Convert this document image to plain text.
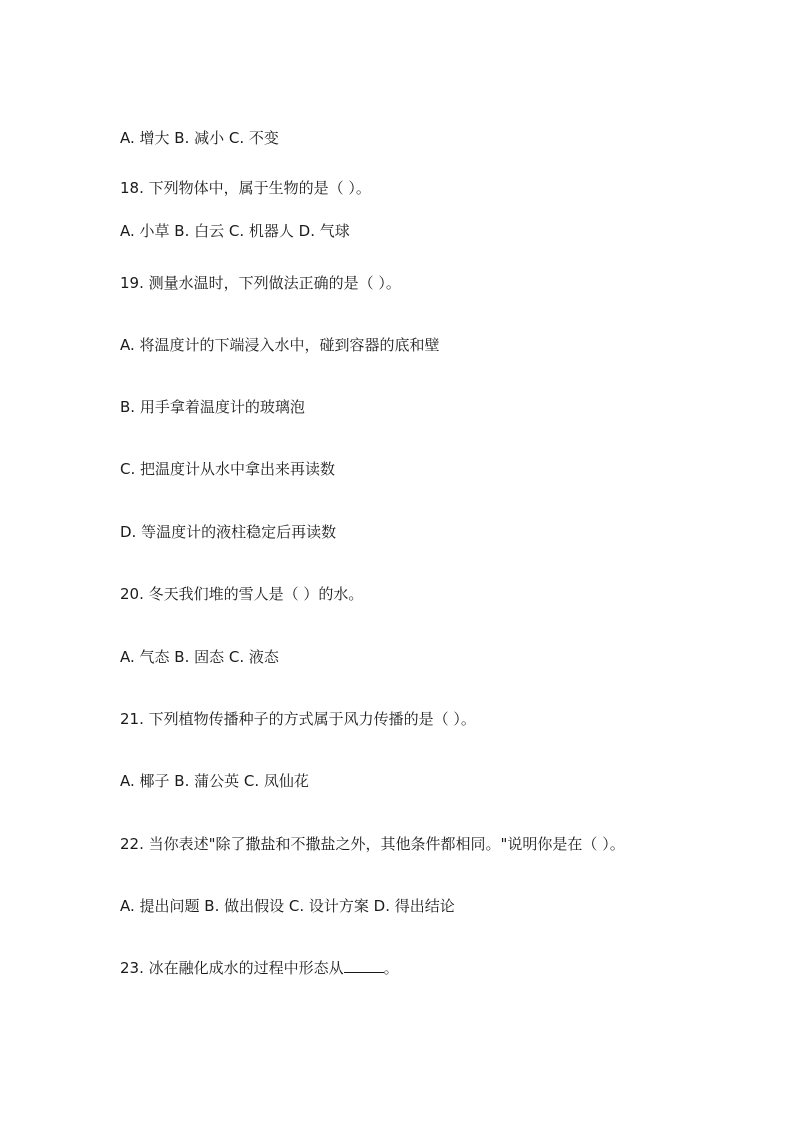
A. 增大 B. 减小 C. 不变
18. 下列物体中，属于生物的是（ ）。
A. 小草 B. 白云 C. 机器人 D. 气球
19. 测量水温时，下列做法正确的是（ ）。
A. 将温度计的下端浸入水中，碰到容器的底和壁
B. 用手拿着温度计的玻璃泡
C. 把温度计从水中拿出来再读数
D. 等温度计的液柱稳定后再读数
20. 冬天我们堆的雪人是（ ）的水。
A. 气态 B. 固态 C. 液态
21. 下列植物传播种子的方式属于风力传播的是（ ）。
A. 椰子 B. 蒲公英 C. 凤仙花
22. 当你表述"除了撒盐和不撒盐之外，其他条件都相同。"说明你是在（ ）。
A. 提出问题 B. 做出假设 C. 设计方案 D. 得出结论
23. 冰在融化成水的过程中形态从	。
